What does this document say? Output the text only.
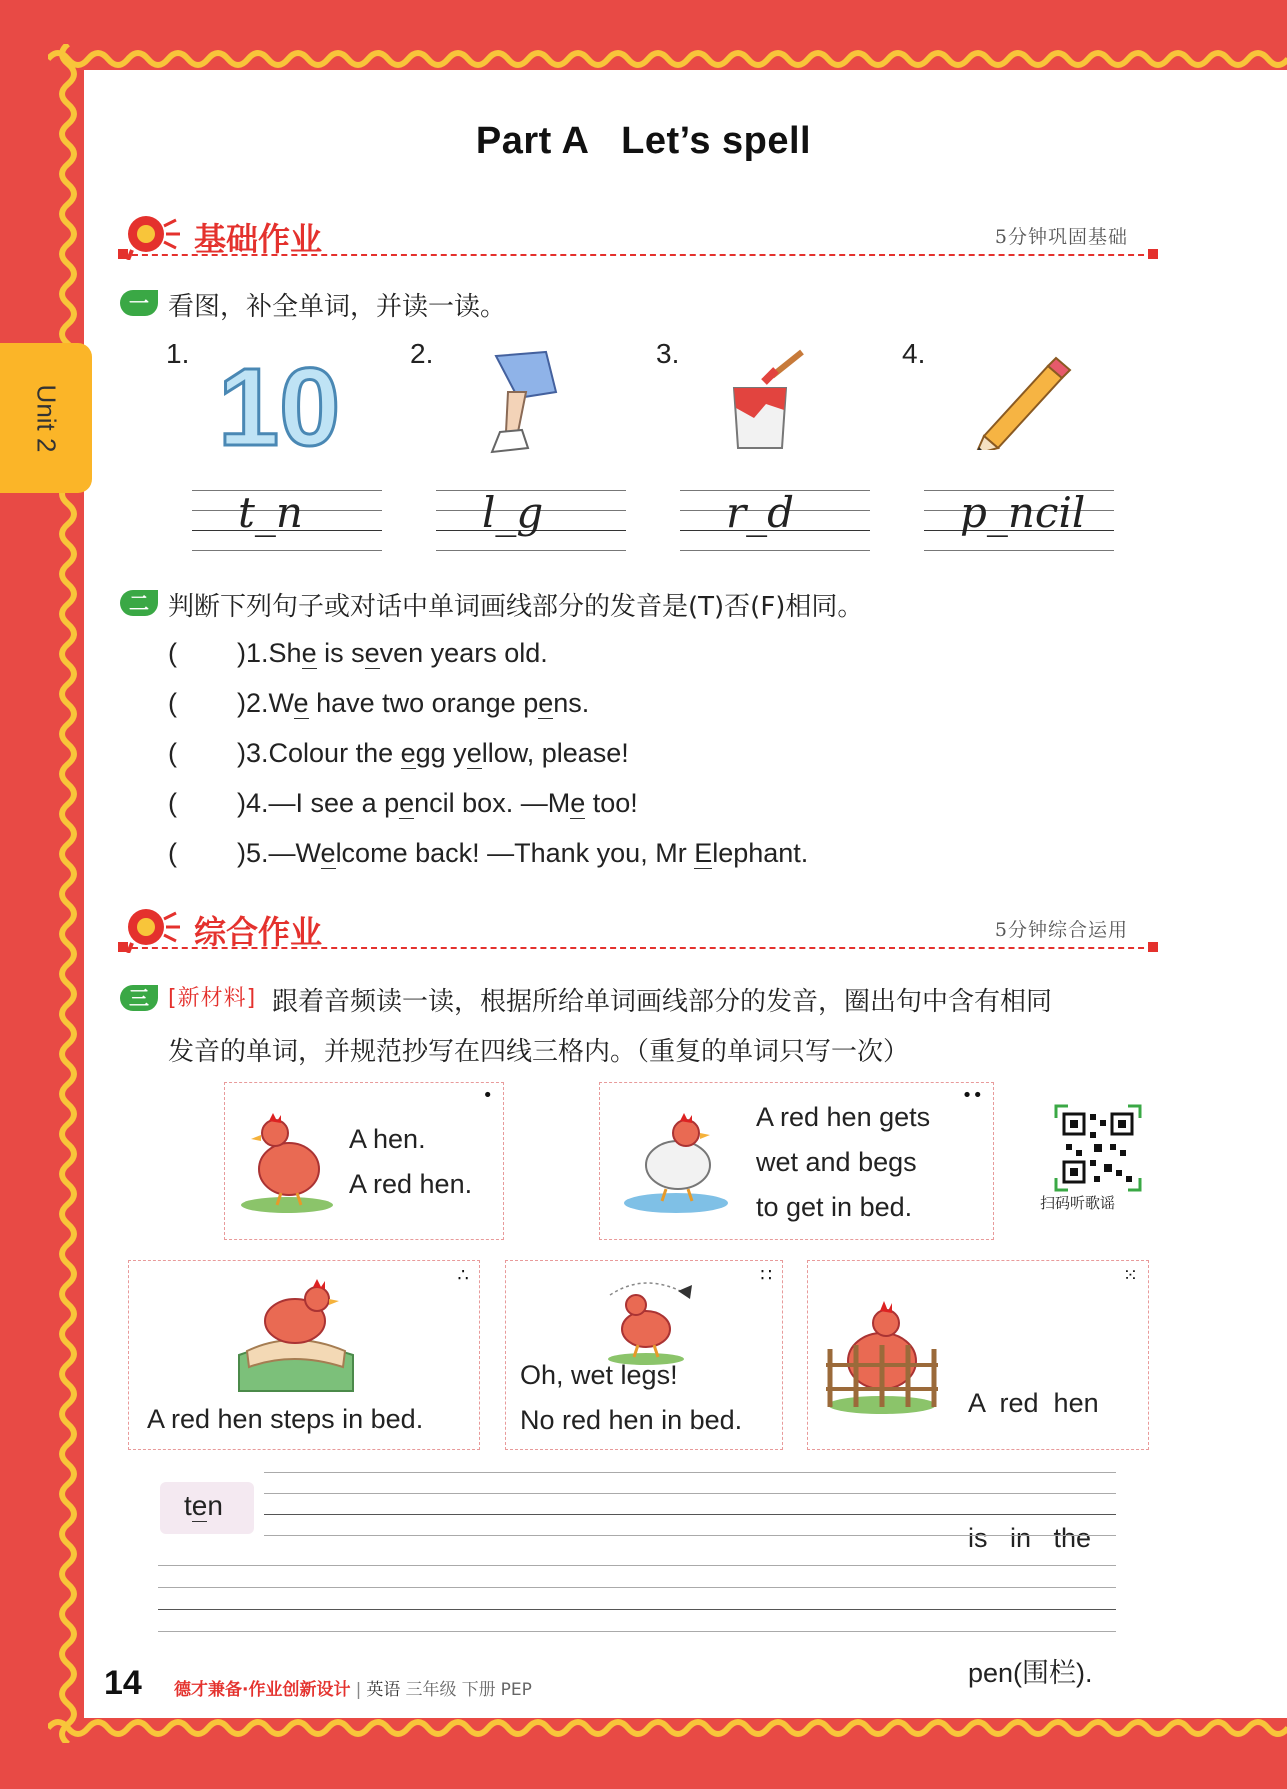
Unit 2
Part A   Let’s spell
基础作业	5分钟巩固基础
一 看图，补全单词，并读一读。
1.	2.	3.	4.
10
t_n	l_g	r_d	p_ncil
二 判断下列句子或对话中单词画线部分的发音是(T)否(F)相同。
(        )1.She is seven years old.
(        )2.We have two orange pens.
(        )3.Colour the egg yellow, please!
(        )4.—I see a pencil box. —Me too!
(        )5.—Welcome back! —Thank you, Mr Elephant.
综合作业	5分钟综合运用
三 [新材料] 跟着音频读一读，根据所给单词画线部分的发音，圈出句中含有相同
发音的单词，并规范抄写在四线三格内。（重复的单词只写一次）
•
A hen.
A red hen.
A red hen gets
wet and begs
to get in bed.
••
扫码听歌谣
∴
A red hen steps in bed.
∷
Oh, wet legs!
No red hen in bed.
⁙

A  red  hen

is   in   the

pen(围栏).

ten
14 德才兼备·作业创新设计 | 英语 三年级 下册 PEP
